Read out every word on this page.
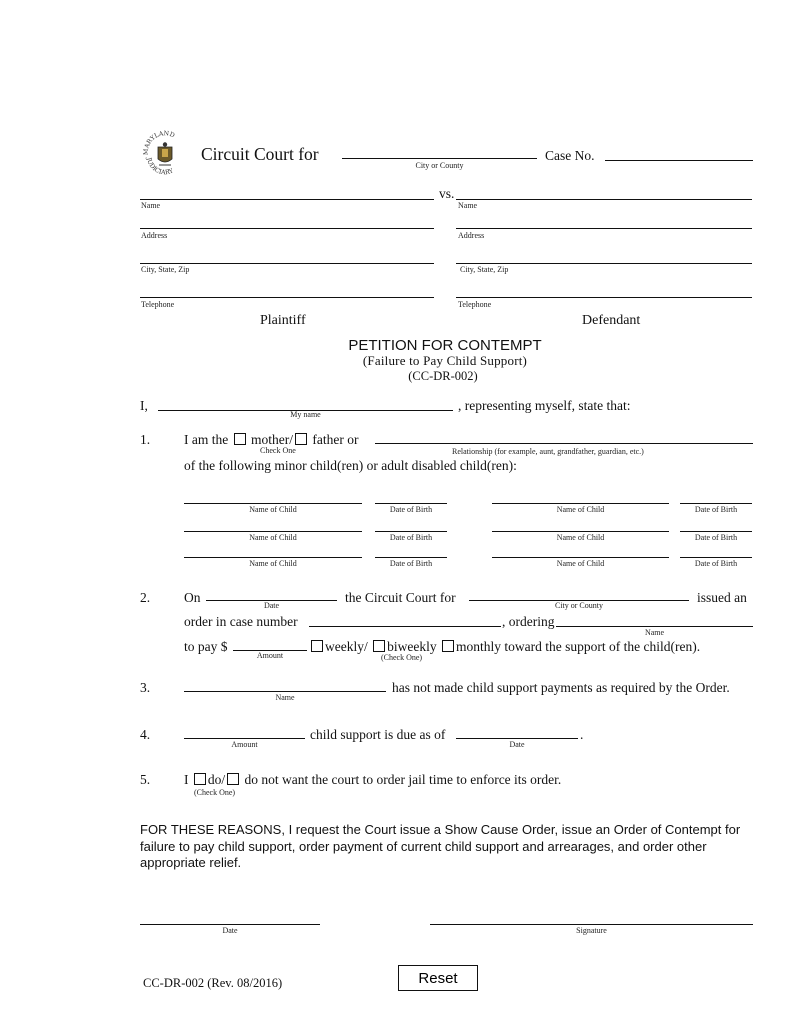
MARYLAND
JUDICIARY
Circuit Court for
City or County
Case No.
vs.
Name	Name
Address	Address
City, State, Zip	City, State, Zip
Telephone	Telephone
Plaintiff	Defendant
PETITION FOR CONTEMPT
(Failure to Pay Child Support)
(CC-DR-002)
I,
My name
, representing myself, state that:
1.	I am the mother/ father or
Check One	Relationship (for example, aunt, grandfather, guardian, etc.)
of the following minor child(ren) or adult disabled child(ren):
Name of Child	Date of Birth	Name of Child	Date of Birth
Name of Child	Date of Birth	Name of Child	Date of Birth
Name of Child	Date of Birth	Name of Child	Date of Birth
2.	On
Date
the Circuit Court for
City or County
issued an
order in case number	, ordering
Name
to pay $
Amount
weekly/ biweekly monthly toward the support of the child(ren).
(Check One)
3.
Name
has not made child support payments as required by the Order.
4.
Amount
child support is due as of
Date
.
5.	I do/ do not want the court to order jail time to enforce its order.
(Check One)
FOR THESE REASONS, I request the Court issue a Show Cause Order, issue an Order of Contempt for failure to pay child support, order payment of current child support and arrearages, and order other appropriate relief.
Date	Signature
CC-DR-002 (Rev. 08/2016)	Reset
